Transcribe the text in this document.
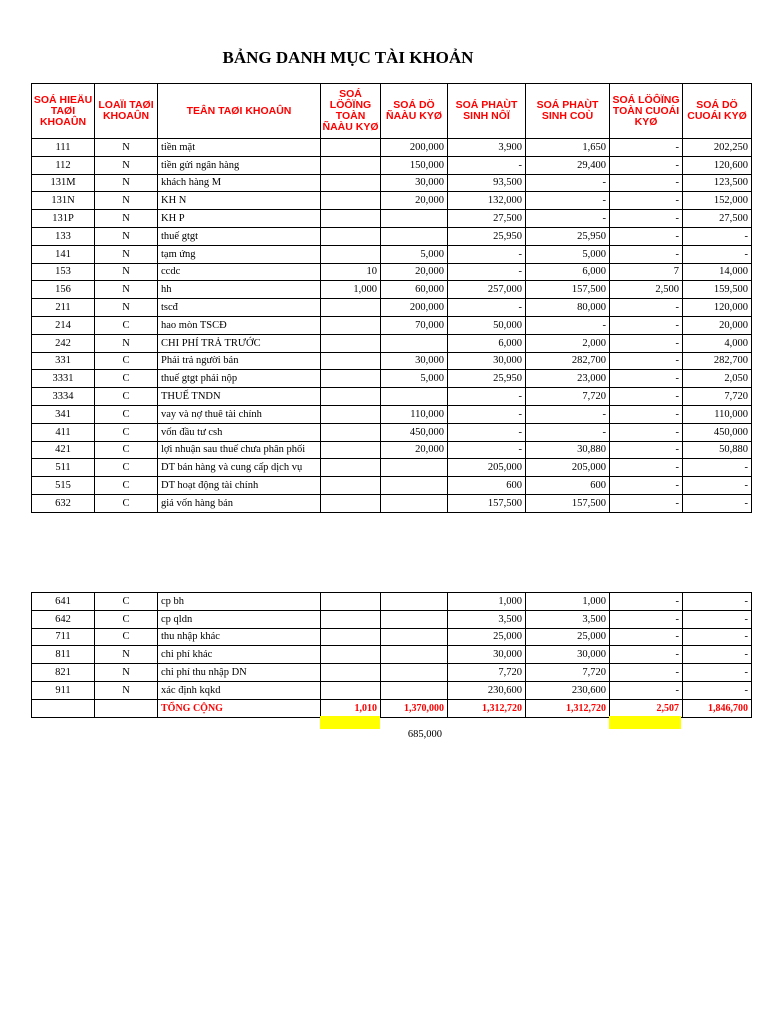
BẢNG DANH MỤC TÀI KHOẢN
SOÁ HIEÄU TAØI KHOAÛN	LOAÏI TAØI KHOAÛN	TEÂN TAØI KHOAÛN	SOÁ LÖÔÏNG TOÀN ÑAÀU KYØ	SOÁ DÖ ÑAÀU KYØ	SOÁ PHAÙT SINH NÔÏ	SOÁ PHAÙT SINH COÙ	SOÁ LÖÔÏNG TOÀN CUOÁI KYØ	SOÁ DÖ CUOÁI KYØ
111	N	tiền mặt		200,000	3,900	1,650	-	202,250
112	N	tiền gửi ngân hàng		150,000	-	29,400	-	120,600
131M	N	khách hàng M		30,000	93,500	-	-	123,500
131N	N	KH N		20,000	132,000	-	-	152,000
131P	N	KH P			27,500	-	-	27,500
133	N	thuế gtgt			25,950	25,950	-	-
141	N	tạm ứng		5,000	-	5,000	-	-
153	N	ccdc	10	20,000	-	6,000	7	14,000
156	N	hh	1,000	60,000	257,000	157,500	2,500	159,500
211	N	tscđ		200,000	-	80,000	-	120,000
214	C	hao mòn TSCĐ		70,000	50,000	-	-	20,000
242	N	CHI PHÍ TRẢ TRƯỚC			6,000	2,000	-	4,000
331	C	Phải trả người bán		30,000	30,000	282,700	-	282,700
3331	C	thuế gtgt phải nộp		5,000	25,950	23,000	-	2,050
3334	C	THUẾ TNDN			-	7,720	-	7,720
341	C	vay và nợ thuê tài chính		110,000	-	-	-	110,000
411	C	vốn đầu tư csh		450,000	-	-	-	450,000
421	C	lợi nhuận sau thuế chưa phân phối		20,000	-	30,880	-	50,880
511	C	DT bán hàng và cung cấp dịch vụ			205,000	205,000	-	-
515	C	DT hoạt động tài chính			600	600	-	-
632	C	giá vốn hàng bán			157,500	157,500	-	-
641	C	cp bh			1,000	1,000	-	-
642	C	cp qldn			3,500	3,500	-	-
711	C	thu nhập khác			25,000	25,000	-	-
811	N	chi phí khác			30,000	30,000	-	-
821	N	chi phí thu nhập DN			7,720	7,720	-	-
911	N	xác định kqkd			230,600	230,600	-	-
		TỔNG CỘNG	1,010	1,370,000	1,312,720	1,312,720	2,507	1,846,700
685,000
